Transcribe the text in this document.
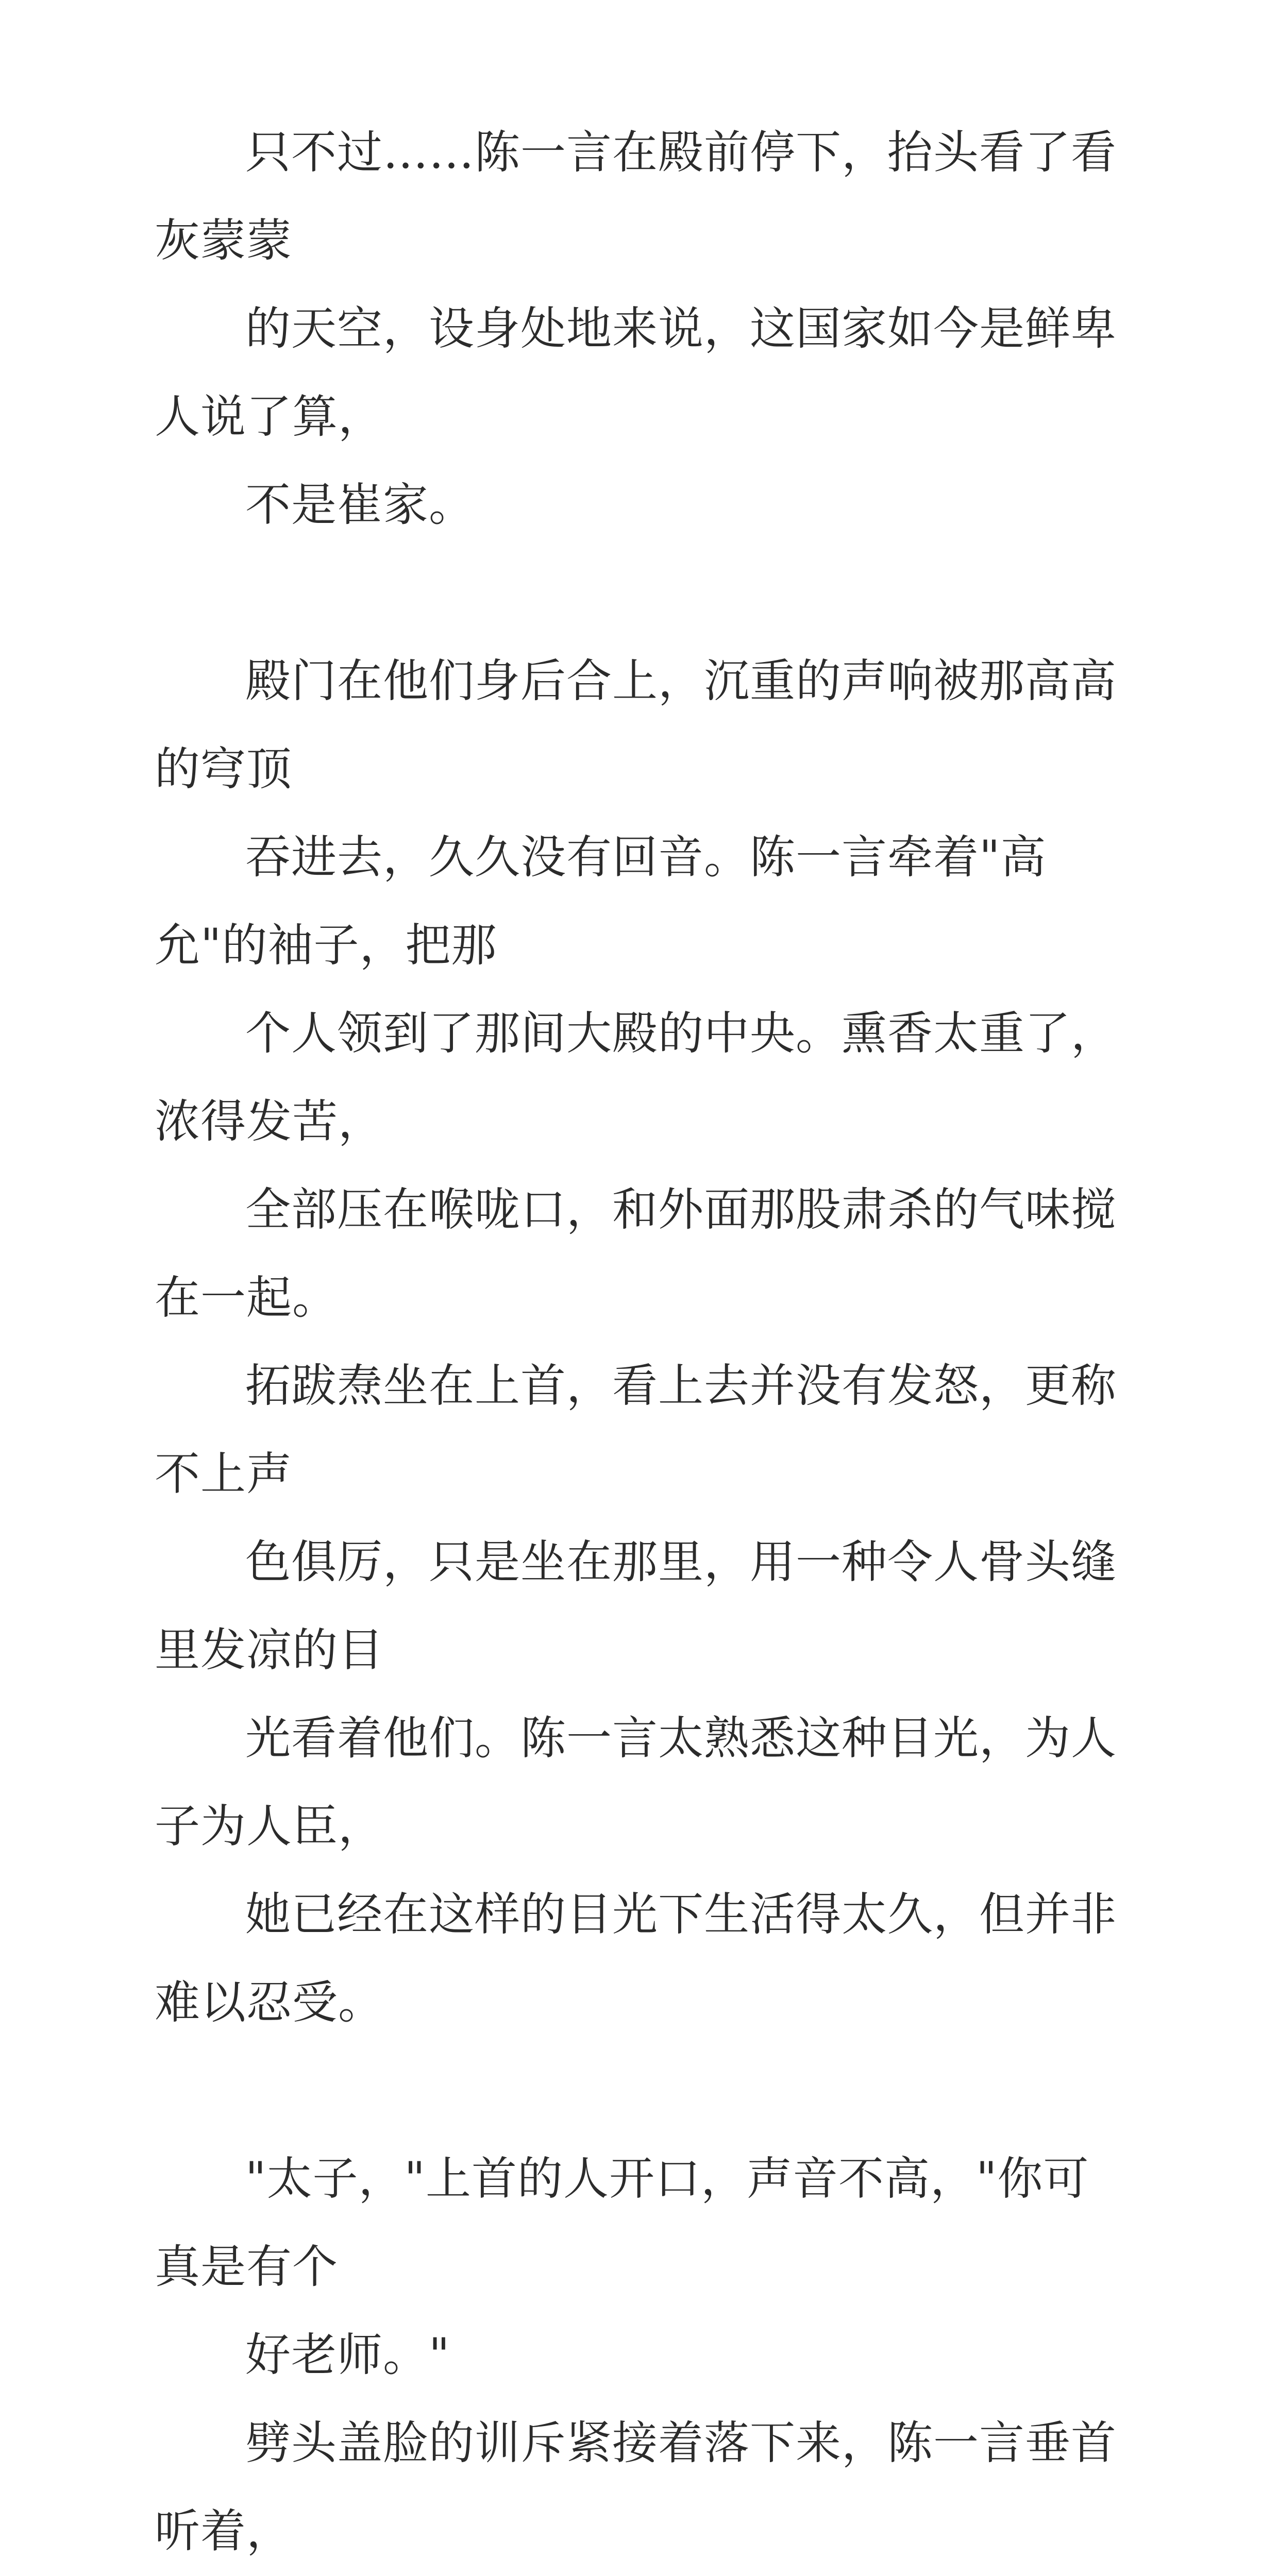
只不过……陈一言在殿前停下，抬头看了看灰蒙蒙
的天空，设身处地来说，这国家如今是鲜卑人说了算，
不是崔家。

殿门在他们身后合上，沉重的声响被那高高的穹顶
吞进去，久久没有回音。陈一言牵着"高允"的袖子，把那
个人领到了那间大殿的中央。熏香太重了，浓得发苦，
全部压在喉咙口，和外面那股肃杀的气味搅在一起。

拓跋焘坐在上首，看上去并没有发怒，更称不上声
色俱厉，只是坐在那里，用一种令人骨头缝里发凉的目
光看着他们。陈一言太熟悉这种目光，为人子为人臣，
她已经在这样的目光下生活得太久，但并非难以忍受。

"太子，"上首的人开口，声音不高，"你可真是有个
好老师。"

劈头盖脸的训斥紧接着落下来，陈一言垂首听着，
